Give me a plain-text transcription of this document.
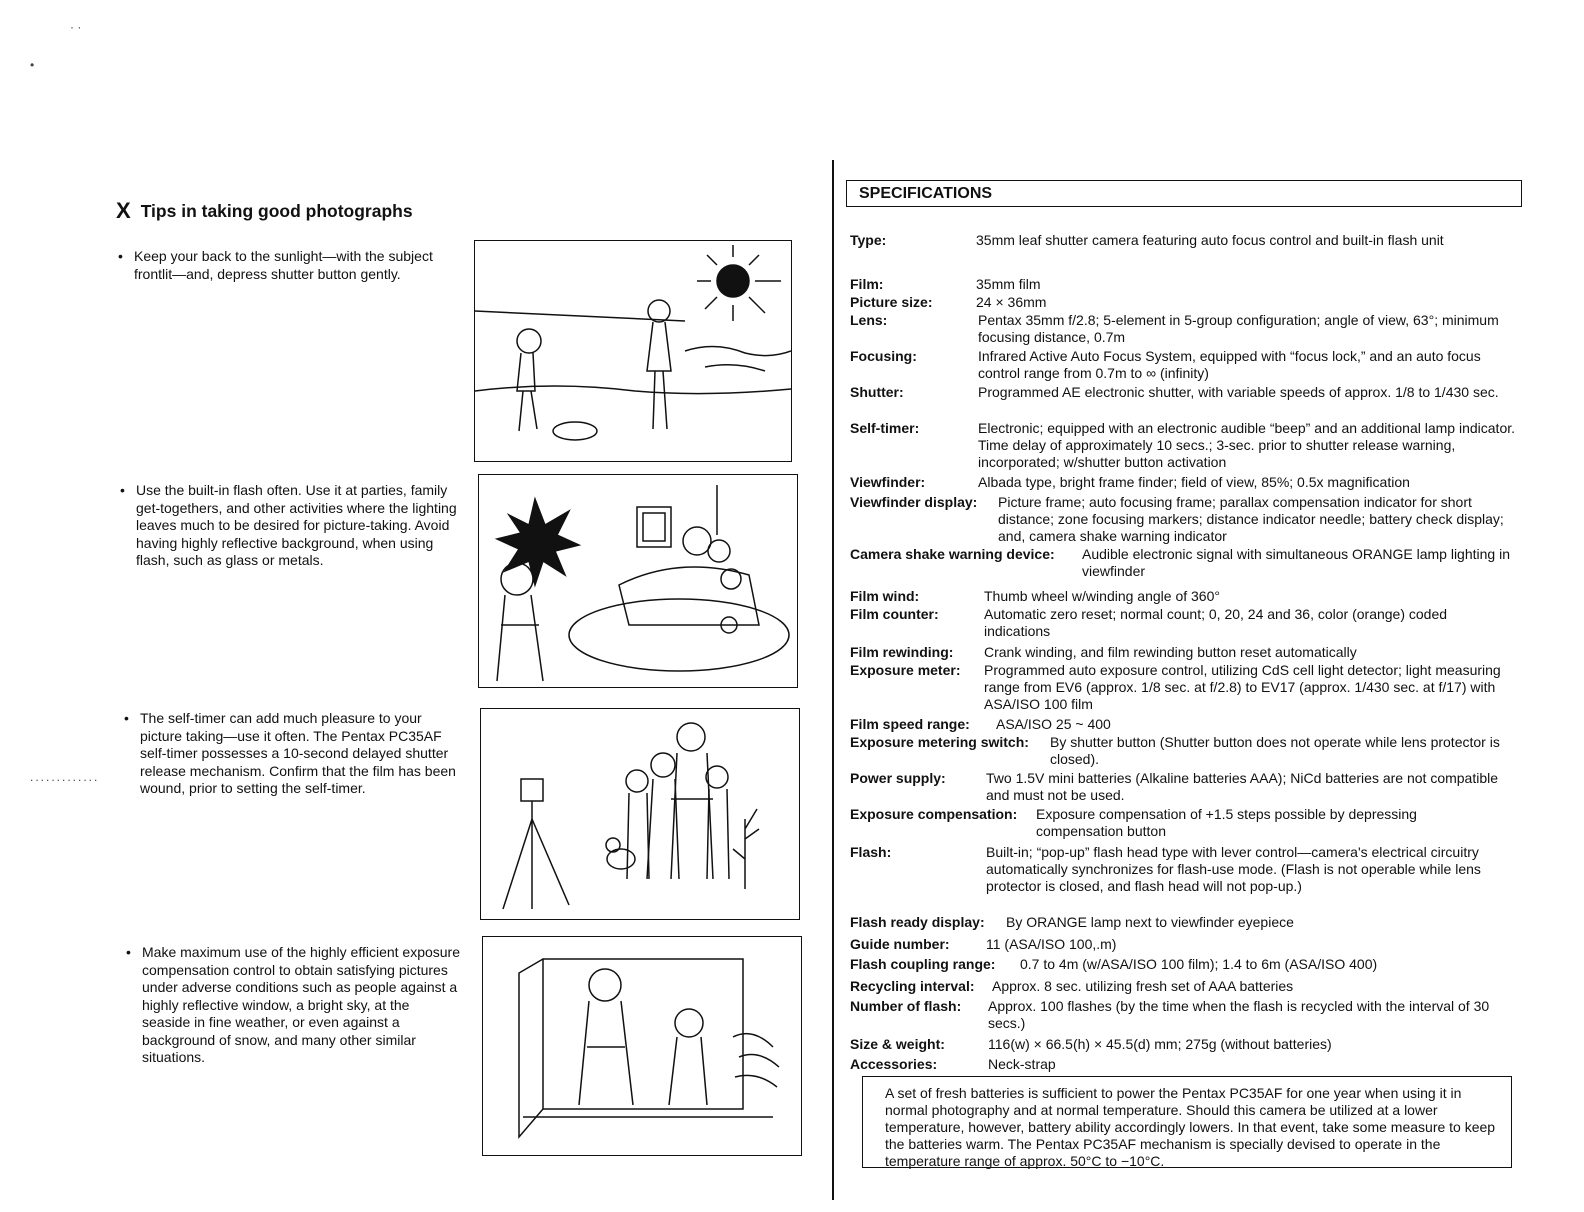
X Tips in taking good photographs
• Keep your back to the sunlight—with the subject frontlit—and, depress shutter button gently.
• Use the built-in flash often. Use it at parties, family get-togethers, and other activities where the lighting leaves much to be desired for picture-taking. Avoid having highly reflective background, when using flash, such as glass or metals.
• The self-timer can add much pleasure to your picture taking—use it often. The Pentax PC35AF self-timer possesses a 10-second delayed shutter release mechanism. Confirm that the film has been wound, prior to setting the self-timer.
• Make maximum use of the highly efficient exposure compensation control to obtain satisfying pictures under adverse conditions such as people against a highly reflective window, a bright sky, at the seaside in fine weather, or even against a background of snow, and many other similar situations.
· ·
•
.............
SPECIFICATIONS
Type:	35mm leaf shutter camera featuring auto focus control and built-in flash unit
Film:	35mm film
Picture size:	24 × 36mm
Lens:	Pentax 35mm f/2.8; 5-element in 5-group configuration; angle of view, 63°; minimum focusing distance, 0.7m
Focusing:	Infrared Active Auto Focus System, equipped with “focus lock,” and an auto focus control range from 0.7m to ∞ (infinity)
Shutter:	Programmed AE electronic shutter, with variable speeds of approx. 1/8 to 1/430 sec.
Self-timer:	Electronic; equipped with an electronic audible “beep” and an additional lamp indicator. Time delay of approximately 10 secs.; 3-sec. prior to shutter release warning, incorporated; w/shutter button activation
Viewfinder:	Albada type, bright frame finder; field of view, 85%; 0.5x magnification
Viewfinder display:	Picture frame; auto focusing frame; parallax compensation indicator for short distance; zone focusing markers; distance indicator needle; battery check display; and, camera shake warning indicator
Camera shake warning device:	Audible electronic signal with simultaneous ORANGE lamp lighting in viewfinder
Film wind:	Thumb wheel w/winding angle of 360°
Film counter:	Automatic zero reset; normal count; 0, 20, 24 and 36, color (orange) coded indications
Film rewinding:	Crank winding, and film rewinding button reset automatically
Exposure meter:	Programmed auto exposure control, utilizing CdS cell light detector; light measuring range from EV6 (approx. 1/8 sec. at f/2.8) to EV17 (approx. 1/430 sec. at f/17) with ASA/ISO 100 film
Film speed range:	ASA/ISO 25 ~ 400
Exposure metering switch:	By shutter button (Shutter button does not operate while lens protector is closed).
Power supply:	Two 1.5V mini batteries (Alkaline batteries AAA); NiCd batteries are not compatible and must not be used.
Exposure compensation:	Exposure compensation of +1.5 steps possible by depressing compensation button
Flash:	Built-in; “pop-up” flash head type with lever control—camera's electrical circuitry automatically synchronizes for flash-use mode. (Flash is not operable while lens protector is closed, and flash head will not pop-up.)
Flash ready display:	By ORANGE lamp next to viewfinder eyepiece
Guide number:	11 (ASA/ISO 100,.m)
Flash coupling range:	0.7 to 4m (w/ASA/ISO 100 film); 1.4 to 6m (ASA/ISO 400)
Recycling interval:	Approx. 8 sec. utilizing fresh set of AAA batteries
Number of flash:	Approx. 100 flashes (by the time when the flash is recycled with the interval of 30 secs.)
Size & weight:	116(w) × 66.5(h) × 45.5(d) mm; 275g (without batteries)
Accessories:	Neck-strap
A set of fresh batteries is sufficient to power the Pentax PC35AF for one year when using it in normal photography and at normal temperature. Should this camera be utilized at a lower temperature, however, battery ability accordingly lowers. In that event, take some measure to keep the batteries warm. The Pentax PC35AF mechanism is specially devised to operate in the temperature range of approx. 50°C to −10°C.
